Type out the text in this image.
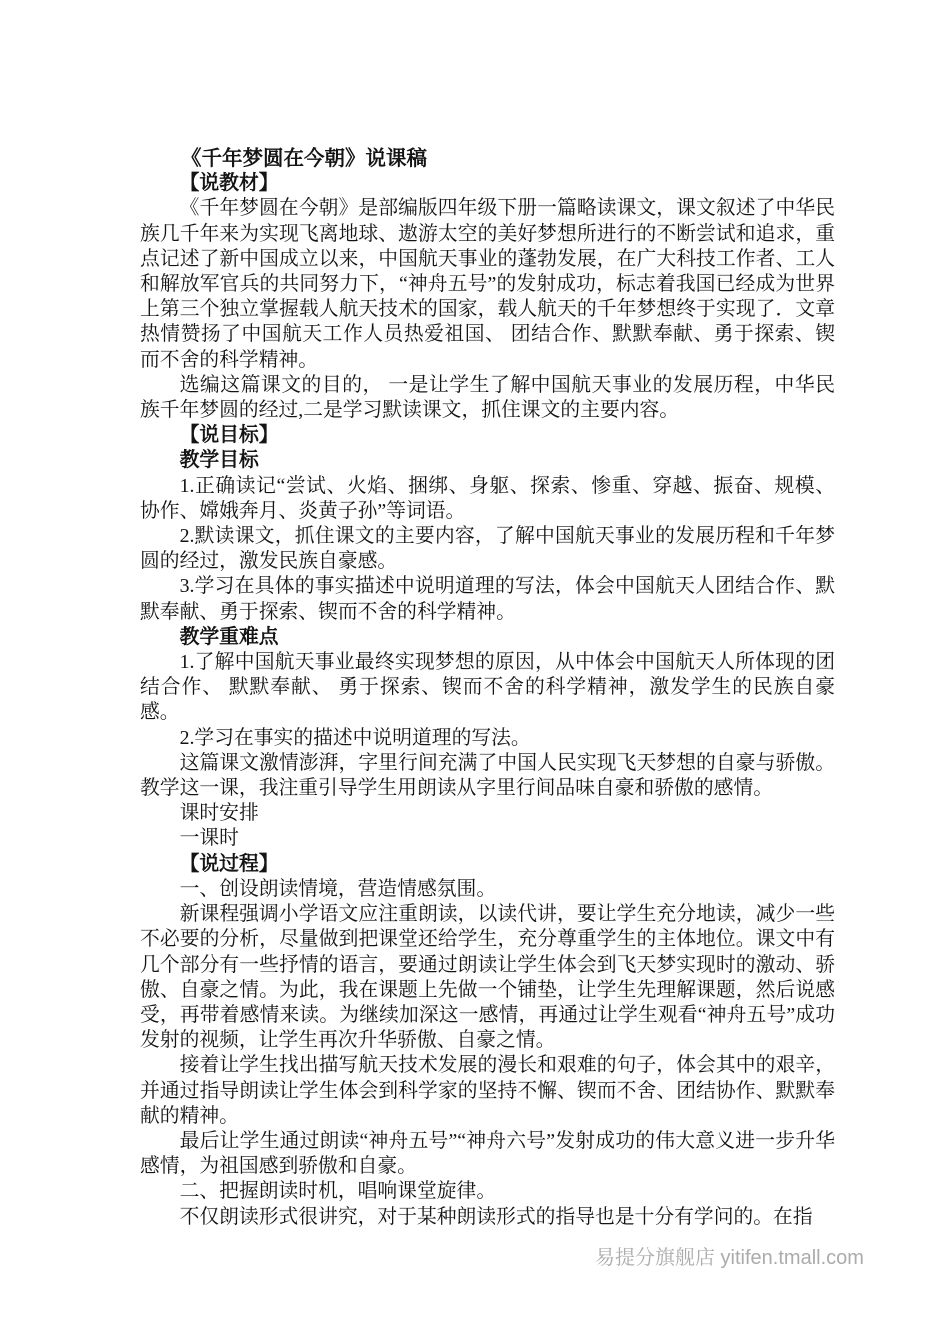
《千年梦圆在今朝》说课稿

【说教材】

《千年梦圆在今朝》是部编版四年级下册一篇略读课文，课文叙述了中华民族几千年来为实现飞离地球、遨游太空的美好梦想所进行的不断尝试和追求，重点记述了新中国成立以来，中国航天事业的蓬勃发展，在广大科技工作者、工人和解放军官兵的共同努力下，“神舟五号”的发射成功，标志着我国已经成为世界上第三个独立掌握载人航天技术的国家，载人航天的千年梦想终于实现了．文章热情赞扬了中国航天工作人员热爱祖国、 团结合作、默默奉献、勇于探索、锲而不舍的科学精神。

选编这篇课文的目的， 一是让学生了解中国航天事业的发展历程，中华民族千年梦圆的经过,二是学习默读课文，抓住课文的主要内容。

【说目标】

教学目标

1.正确读记“尝试、火焰、捆绑、身躯、探索、惨重、穿越、振奋、规模、协作、嫦娥奔月、炎黄子孙”等词语。

2.默读课文，抓住课文的主要内容，了解中国航天事业的发展历程和千年梦圆的经过，激发民族自豪感。

3.学习在具体的事实描述中说明道理的写法，体会中国航天人团结合作、默默奉献、勇于探索、锲而不舍的科学精神。

教学重难点

1.了解中国航天事业最终实现梦想的原因，从中体会中国航天人所体现的团结合作、 默默奉献、 勇于探索、锲而不舍的科学精神，激发学生的民族自豪感。

2.学习在事实的描述中说明道理的写法。

这篇课文激情澎湃，字里行间充满了中国人民实现飞天梦想的自豪与骄傲。教学这一课，我注重引导学生用朗读从字里行间品味自豪和骄傲的感情。

课时安排

一课时

【说过程】

一、创设朗读情境，营造情感氛围。

新课程强调小学语文应注重朗读，以读代讲，要让学生充分地读，减少一些不必要的分析，尽量做到把课堂还给学生，充分尊重学生的主体地位。课文中有几个部分有一些抒情的语言，要通过朗读让学生体会到飞天梦实现时的激动、骄傲、自豪之情。为此，我在课题上先做一个铺垫，让学生先理解课题，然后说感受，再带着感情来读。为继续加深这一感情，再通过让学生观看“神舟五号”成功发射的视频，让学生再次升华骄傲、自豪之情。

接着让学生找出描写航天技术发展的漫长和艰难的句子，体会其中的艰辛，并通过指导朗读让学生体会到科学家的坚持不懈、锲而不舍、团结协作、默默奉献的精神。

最后让学生通过朗读“神舟五号”“神舟六号”发射成功的伟大意义进一步升华感情，为祖国感到骄傲和自豪。

二、把握朗读时机，唱响课堂旋律。

不仅朗读形式很讲究，对于某种朗读形式的指导也是十分有学问的。在指

易提分旗舰店 yitifen.tmall.com
